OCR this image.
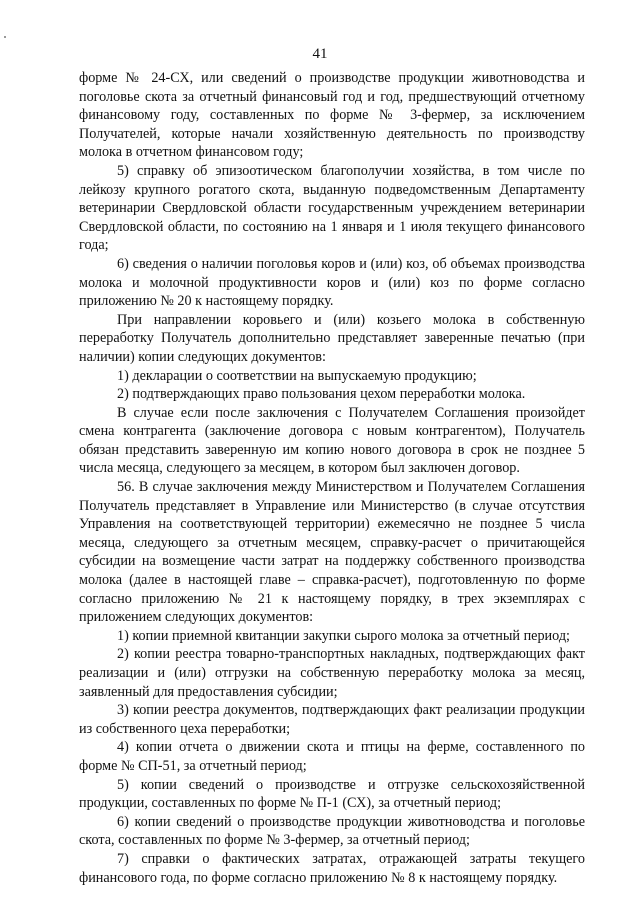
41

форме № 24-СХ, или сведений о производстве продукции животноводства и поголовье скота за отчетный финансовый год и год, предшествующий отчетному финансовому году, составленных по форме № 3-фермер, за исключением Получателей, которые начали хозяйственную деятельность по производству молока в отчетном финансовом году;

5) справку об эпизоотическом благополучии хозяйства, в том числе по лейкозу крупного рогатого скота, выданную подведомственным Департаменту ветеринарии Свердловской области государственным учреждением ветеринарии Свердловской области, по состоянию на 1 января и 1 июля текущего финансового года;

6) сведения о наличии поголовья коров и (или) коз, об объемах производства молока и молочной продуктивности коров и (или) коз по форме согласно приложению № 20 к настоящему порядку.

При направлении коровьего и (или) козьего молока в собственную переработку Получатель дополнительно представляет заверенные печатью (при наличии) копии следующих документов:

1) декларации о соответствии на выпускаемую продукцию;

2) подтверждающих право пользования цехом переработки молока.

В случае если после заключения с Получателем Соглашения произойдет смена контрагента (заключение договора с новым контрагентом), Получатель обязан представить заверенную им копию нового договора в срок не позднее 5 числа месяца, следующего за месяцем, в котором был заключен договор.

56. В случае заключения между Министерством и Получателем Соглашения Получатель представляет в Управление или Министерство (в случае отсутствия Управления на соответствующей территории) ежемесячно не позднее 5 числа месяца, следующего за отчетным месяцем, справку-расчет о причитающейся субсидии на возмещение части затрат на поддержку собственного производства молока (далее в настоящей главе – справка-расчет), подготовленную по форме согласно приложению № 21 к настоящему порядку, в трех экземплярах с приложением следующих документов:

1) копии приемной квитанции закупки сырого молока за отчетный период;

2) копии реестра товарно-транспортных накладных, подтверждающих факт реализации и (или) отгрузки на собственную переработку молока за месяц, заявленный для предоставления субсидии;

3) копии реестра документов, подтверждающих факт реализации продукции из собственного цеха переработки;

4) копии отчета о движении скота и птицы на ферме, составленного по форме № СП-51, за отчетный период;

5) копии сведений о производстве и отгрузке сельскохозяйственной продукции, составленных по форме № П-1 (СХ), за отчетный период;

6) копии сведений о производстве продукции животноводства и поголовье скота, составленных по форме № 3-фермер, за отчетный период;

7) справки о фактических затратах, отражающей затраты текущего финансового года, по форме согласно приложению № 8 к настоящему порядку.
